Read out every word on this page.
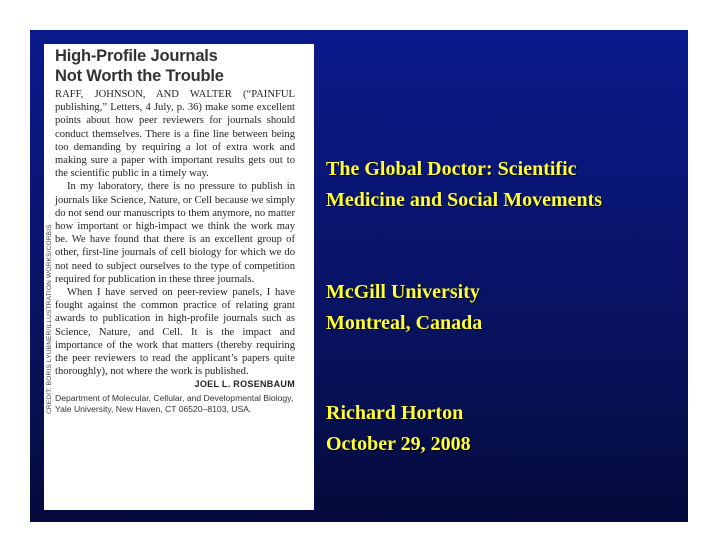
CREDIT: BORIS LYUBNER/ILLUSTRATION WORKS/CORBIS
High-Profile Journals
Not Worth the Trouble

RAFF, JOHNSON, AND WALTER (“PAINFUL publishing,” Letters, 4 July, p. 36) make some excellent points about how peer reviewers for journals should conduct themselves. There is a fine line between being too demanding by requiring a lot of extra work and making sure a paper with important results gets out to the scientific public in a timely way.

In my laboratory, there is no pressure to publish in journals like Science, Nature, or Cell because we simply do not send our manuscripts to them anymore, no matter how important or high-impact we think the work may be. We have found that there is an excellent group of other, first-line journals of cell biology for which we do not need to subject ourselves to the type of competition required for publication in these three journals.

When I have served on peer-review panels, I have fought against the common practice of relating grant awards to publication in high-profile journals such as Science, Nature, and Cell. It is the impact and importance of the work that matters (thereby requiring the peer reviewers to read the applicant’s papers quite thoroughly), not where the work is published.

JOEL L. ROSENBAUM
Department of Molecular, Cellular, and Developmental Biology, Yale University, New Haven, CT 06520–8103, USA.
The Global Doctor: Scientific
Medicine and Social Movements
McGill University
Montreal, Canada
Richard Horton
October 29, 2008
